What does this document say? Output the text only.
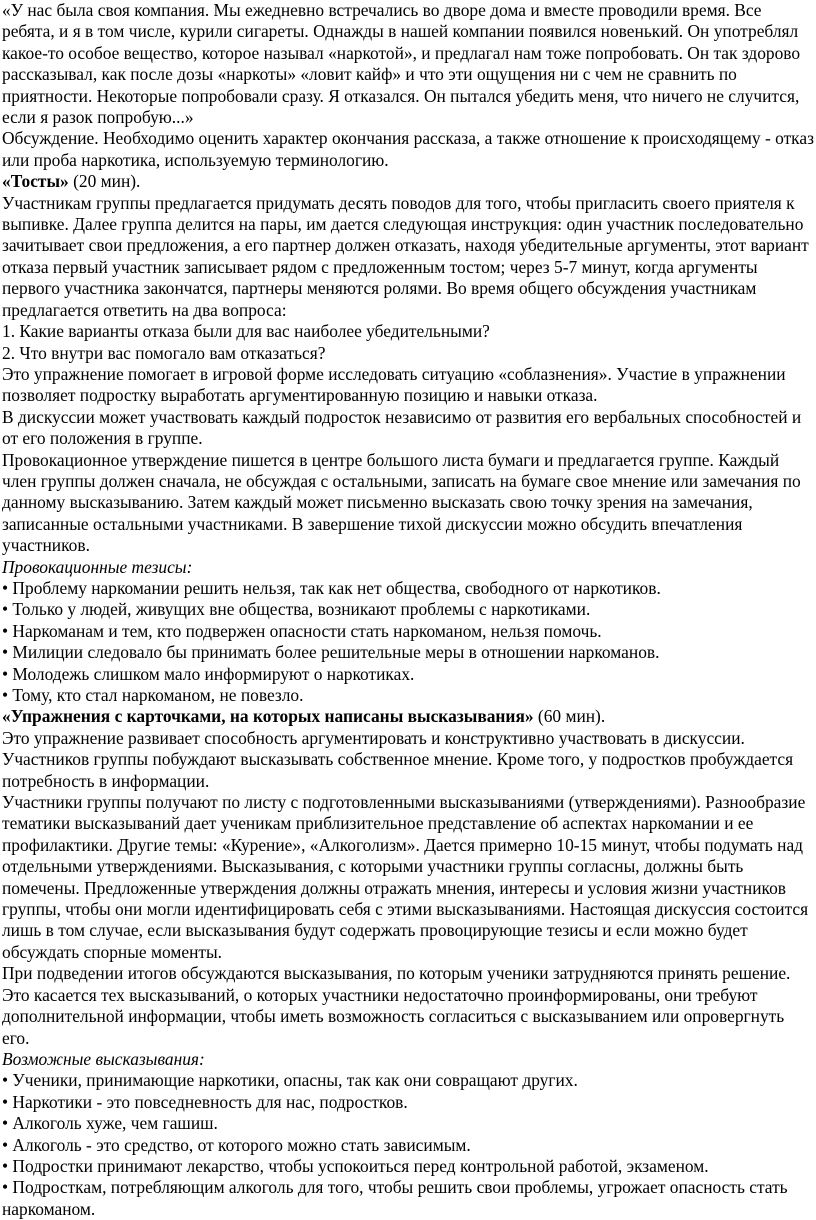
«У нас была своя компания. Мы ежедневно встречались во дворе дома и вместе проводили время. Все ребята, и я в том числе, курили сигареты. Однажды в нашей компании появился новенький. Он употреблял какое-то особое вещество, которое называл «наркотой», и предлагал нам тоже попробовать. Он так здорово рассказывал, как после дозы «наркоты» «ловит кайф» и что эти ощущения ни с чем не сравнить по приятности. Некоторые попробовали сразу. Я отказался. Он пытался убедить меня, что ничего не случится, если я разок попробую...»

Обсуждение. Необходимо оценить характер окончания рассказа, а также отношение к происходящему - отказ или проба наркотика, используемую терминологию.

«Тосты» (20 мин).

Участникам группы предлагается придумать десять поводов для того, чтобы пригласить своего приятеля к выпивке. Далее группа делится на пары, им дается следующая инструкция: один участник последовательно зачитывает свои предложения, а его партнер должен отказать, находя убедительные аргументы, этот вариант отказа первый участник записывает рядом с предложенным тостом; через 5-7 минут, когда аргументы первого участника закончатся, партнеры меняются ролями. Во время общего обсуждения участникам предлагается ответить на два вопроса:

1. Какие варианты отказа были для вас наиболее убедительными?

2. Что внутри вас помогало вам отказаться?

Это упражнение помогает в игровой форме исследовать ситуацию «соблазнения». Участие в упражнении позволяет подростку выработать аргументированную позицию и навыки отказа.

В дискуссии может участвовать каждый подросток независимо от развития его вербальных способностей и от его положения в группе.

Провокационное утверждение пишется в центре большого листа бумаги и предлагается группе. Каждый член группы должен сначала, не обсуждая с остальными, записать на бумаге свое мнение или замечания по данному высказыванию. Затем каждый может письменно высказать свою точку зрения на замечания, записанные остальными участниками. В завершение тихой дискуссии можно обсудить впечатления участников.

Провокационные тезисы:

• Проблему наркомании решить нельзя, так как нет общества, свободного от наркотиков.

• Только у людей, живущих вне общества, возникают проблемы с наркотиками.

• Наркоманам и тем, кто подвержен опасности стать наркоманом, нельзя помочь.

• Милиции следовало бы принимать более решительные меры в отношении наркоманов.

• Молодежь слишком мало информируют о наркотиках.

• Тому, кто стал наркоманом, не повезло.

«Упражнения с карточками, на которых написаны высказывания» (60 мин).

Это упражнение развивает способность аргументировать и конструктивно участвовать в дискуссии. Участников группы побуждают высказывать собственное мнение. Кроме того, у подростков пробуждается потребность в информации.

Участники группы получают по листу с подготовленными высказываниями (утверждениями). Разнообразие тематики высказываний дает ученикам приблизительное представление об аспектах наркомании и ее профилактики. Другие темы: «Курение», «Алкоголизм». Дается примерно 10-15 минут, чтобы подумать над отдельными утверждениями. Высказывания, с которыми участники группы согласны, должны быть помечены. Предложенные утверждения должны отражать мнения, интересы и условия жизни участников группы, чтобы они могли идентифицировать себя с этими высказываниями. Настоящая дискуссия состоится лишь в том случае, если высказывания будут содержать провоцирующие тезисы и если можно будет обсуждать спорные моменты.

При подведении итогов обсуждаются высказывания, по которым ученики затрудняются принять решение. Это касается тех высказываний, о которых участники недостаточно проинформированы, они требуют дополнительной информации, чтобы иметь возможность согласиться с высказыванием или опровергнуть его.

Возможные высказывания:

• Ученики, принимающие наркотики, опасны, так как они совращают других.

• Наркотики - это повседневность для нас, подростков.

• Алкоголь хуже, чем гашиш.

• Алкоголь - это средство, от которого можно стать зависимым.

• Подростки принимают лекарство, чтобы успокоиться перед контрольной работой, экзаменом.

• Подросткам, потребляющим алкоголь для того, чтобы решить свои проблемы, угрожает опасность стать наркоманом.
